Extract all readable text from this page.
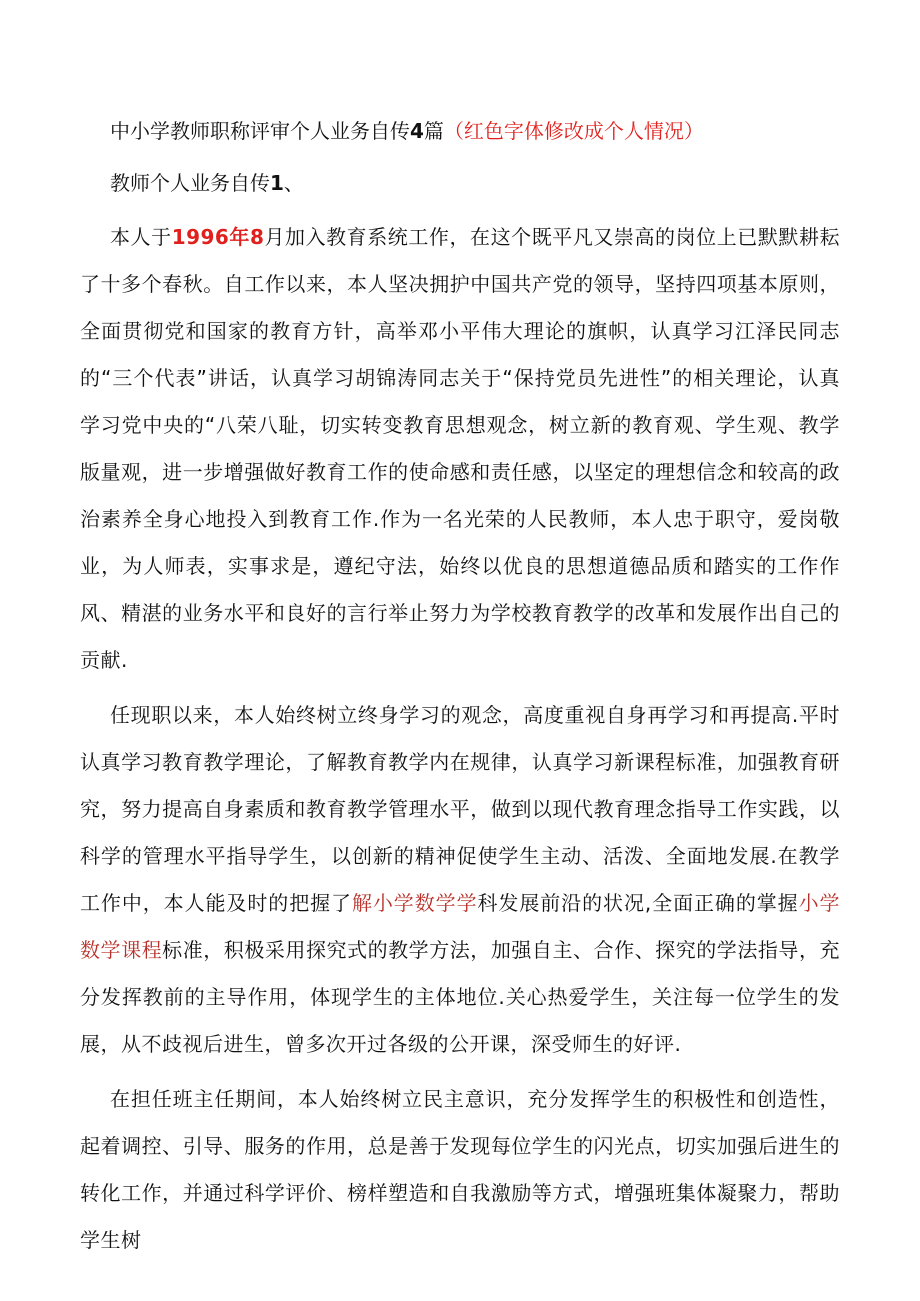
中小学教师职称评审个人业务自传4篇（红色字体修改成个人情况）

教师个人业务自传1、

本人于1996年8月加入教育系统工作，在这个既平凡又崇高的岗位上已默默耕耘了十多个春秋。自工作以来，本人坚决拥护中国共产党的领导，坚持四项基本原则，全面贯彻党和国家的教育方针，高举邓小平伟大理论的旗帜，认真学习江泽民同志的“三个代表”讲话，认真学习胡锦涛同志关于“保持党员先进性”的相关理论，认真学习党中央的“八荣八耻，切实转变教育思想观念，树立新的教育观、学生观、教学版量观，进一步增强做好教育工作的使命感和责任感，以坚定的理想信念和较高的政治素养全身心地投入到教育工作.作为一名光荣的人民教师，本人忠于职守，爱岗敬业，为人师表，实事求是，遵纪守法，始终以优良的思想道德品质和踏实的工作作风、精湛的业务水平和良好的言行举止努力为学校教育教学的改革和发展作出自己的贡献.

任现职以来，本人始终树立终身学习的观念，高度重视自身再学习和再提高.平时认真学习教育教学理论，了解教育教学内在规律，认真学习新课程标准，加强教育研究，努力提高自身素质和教育教学管理水平，做到以现代教育理念指导工作实践，以科学的管理水平指导学生，以创新的精神促使学生主动、活泼、全面地发展.在教学工作中，本人能及时的把握了解小学数学学科发展前沿的状况,全面正确的掌握小学数学课程标准，积极采用探究式的教学方法，加强自主、合作、探究的学法指导，充分发挥教前的主导作用，体现学生的主体地位.关心热爱学生，关注每一位学生的发展，从不歧视后进生，曾多次开过各级的公开课，深受师生的好评.

在担任班主任期间，本人始终树立民主意识，充分发挥学生的积极性和创造性，起着调控、引导、服务的作用，总是善于发现每位学生的闪光点，切实加强后进生的转化工作，并通过科学评价、榜样塑造和自我激励等方式，增强班集体凝聚力，帮助学生树
